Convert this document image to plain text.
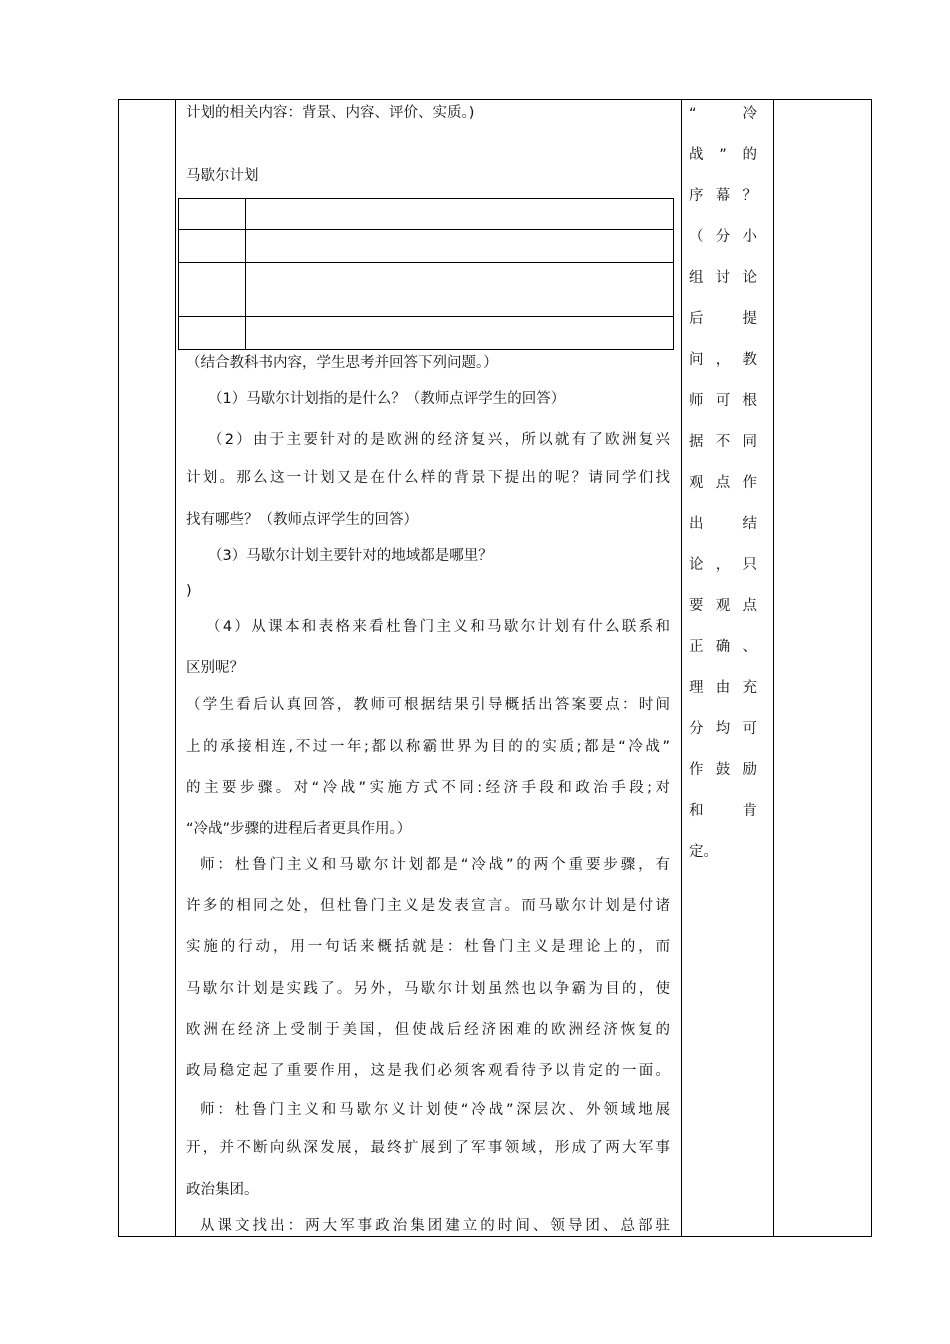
计划的相关内容：背景、内容、评价、实质。)
马歇尔计划
（结合教科书内容，学生思考并回答下列问题。）
（1）马歇尔计划指的是什么？（教师点评学生的回答）
（2）由于主要针对的是欧洲的经济复兴，所以就有了欧洲复兴
计划。那么这一计划又是在什么样的背景下提出的呢？请同学们找
找有哪些？（教师点评学生的回答）
（3）马歇尔计划主要针对的地域都是哪里？
)
（4）从课本和表格来看杜鲁门主义和马歇尔计划有什么联系和
区别呢？
（学生看后认真回答，教师可根据结果引导概括出答案要点：时间
上的承接相连,不过一年;都以称霸世界为目的的实质;都是“冷战”
的主要步骤。对“冷战”实施方式不同:经济手段和政治手段;对
“冷战”步骤的进程后者更具作用。）
师：杜鲁门主义和马歇尔计划都是“冷战”的两个重要步骤，有
许多的相同之处，但杜鲁门主义是发表宣言。而马歇尔计划是付诸
实施的行动，用一句话来概括就是：杜鲁门主义是理论上的，而
马歇尔计划是实践了。另外，马歇尔计划虽然也以争霸为目的，使
欧洲在经济上受制于美国，但使战后经济困难的欧洲经济恢复的
政局稳定起了重要作用，这是我们必须客观看待予以肯定的一面。
师：杜鲁门主义和马歇尔义计划使“冷战”深层次、外领域地展
开，并不断向纵深发展，最终扩展到了军事领域，形成了两大军事
政治集团。
从课文找出：两大军事政治集团建立的时间、领导团、总部驻
“冷
战”的
序幕？
（分小
组讨论
后提
问，教
师可根
据不同
观点作
出结
论，只
要观点
正确、
理由充
分均可
作鼓励
和肯
定。
